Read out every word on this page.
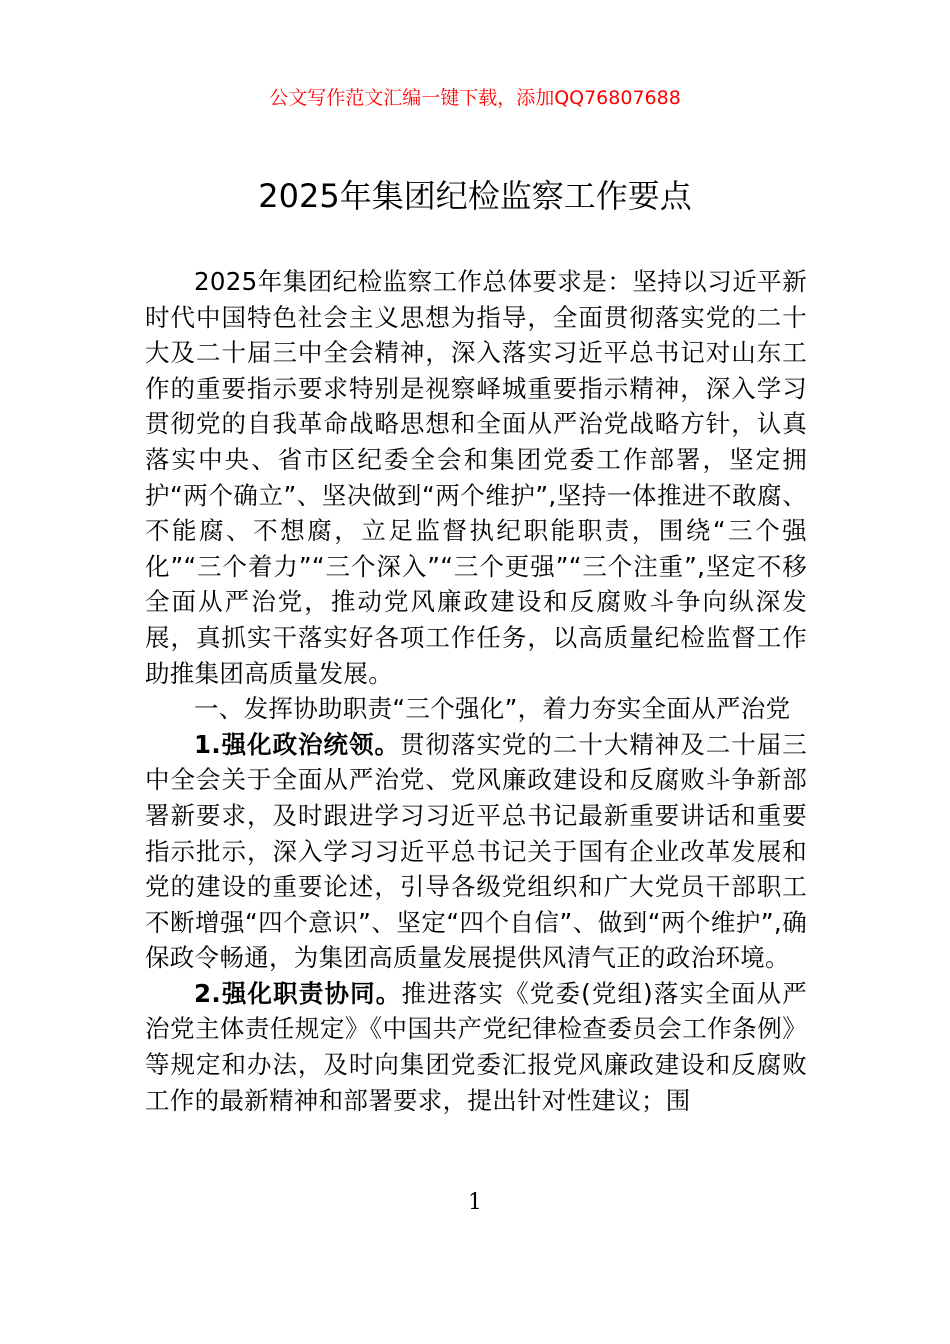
公文写作范文汇编一键下载，添加QQ76807688
2025年集团纪检监察工作要点

2025年集团纪检监察工作总体要求是：坚持以习近平新时代中国特色社会主义思想为指导，全面贯彻落实党的二十大及二十届三中全会精神，深入落实习近平总书记对山东工作的重要指示要求特别是视察峄城重要指示精神，深入学习贯彻党的自我革命战略思想和全面从严治党战略方针，认真落实中央、省市区纪委全会和集团党委工作部署，坚定拥护“两个确立”、坚决做到“两个维护”,坚持一体推进不敢腐、不能腐、不想腐，立足监督执纪职能职责，围绕“三个强化”“三个着力”“三个深入”“三个更强”“三个注重”,坚定不移全面从严治党，推动党风廉政建设和反腐败斗争向纵深发展，真抓实干落实好各项工作任务，以高质量纪检监督工作助推集团高质量发展。

一、发挥协助职责“三个强化”，着力夯实全面从严治党

1.强化政治统领。贯彻落实党的二十大精神及二十届三中全会关于全面从严治党、党风廉政建设和反腐败斗争新部署新要求，及时跟进学习习近平总书记最新重要讲话和重要指示批示，深入学习习近平总书记关于国有企业改革发展和党的建设的重要论述，引导各级党组织和广大党员干部职工不断增强“四个意识”、坚定“四个自信”、做到“两个维护”,确保政令畅通，为集团高质量发展提供风清气正的政治环境。

2.强化职责协同。推进落实《党委(党组)落实全面从严治党主体责任规定》《中国共产党纪律检查委员会工作条例》等规定和办法，及时向集团党委汇报党风廉政建设和反腐败工作的最新精神和部署要求，提出针对性建议；围

1
